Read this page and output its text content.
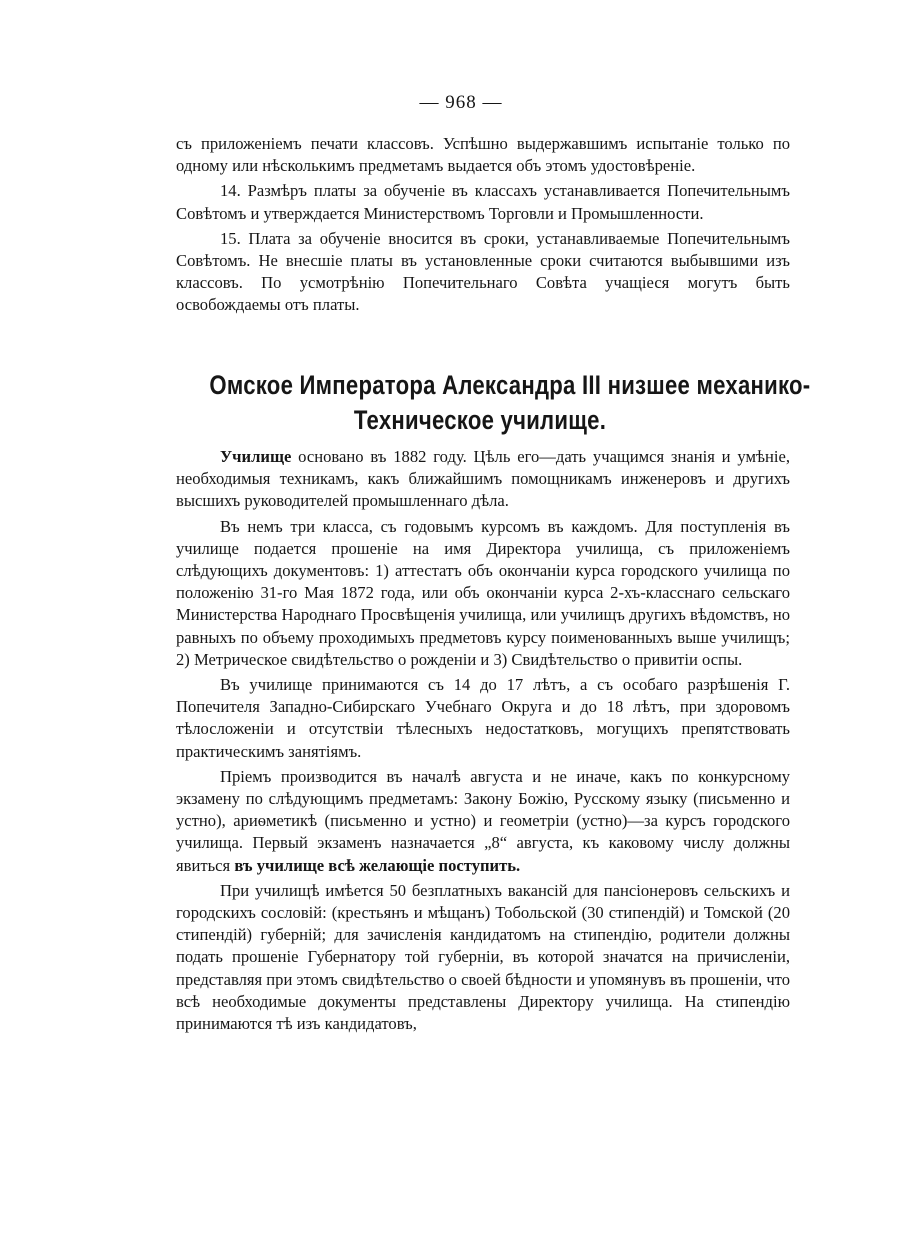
— 968 —

съ приложеніемъ печати классовъ. Успѣшно выдержавшимъ испытаніе только по одному или нѣсколькимъ предметамъ выдается объ этомъ удостовѣреніе.

14. Размѣръ платы за обученіе въ классахъ устанавливается Попечительнымъ Совѣтомъ и утверждается Министерствомъ Торговли и Промышленности.

15. Плата за обученіе вносится въ сроки, устанавливаемые Попечительнымъ Совѣтомъ. Не внесшіе платы въ установленные сроки считаются выбывшими изъ классовъ. По усмотрѣнію Попечительнаго Совѣта учащіеся могутъ быть освобождаемы отъ платы.

Омское Императора Александра III низшее механико-
Техническое училище.

Училище основано въ 1882 году. Цѣль его—дать учащимся знанія и умѣніе, необходимыя техникамъ, какъ ближайшимъ помощникамъ инженеровъ и другихъ высшихъ руководителей промышленнаго дѣла.

Въ немъ три класса, съ годовымъ курсомъ въ каждомъ. Для поступленія въ училище подается прошеніе на имя Директора училища, съ приложеніемъ слѣдующихъ документовъ: 1) аттестатъ объ окончаніи курса городского училища по положенію 31-го Мая 1872 года, или объ окончаніи курса 2-хъ-класснаго сельскаго Министерства Народнаго Просвѣщенія училища, или училищъ другихъ вѣдомствъ, но равныхъ по объему проходимыхъ предметовъ курсу поименованныхъ выше училищъ; 2) Метрическое свидѣтельство о рожденіи и 3) Свидѣтельство о привитіи оспы.

Въ училище принимаются съ 14 до 17 лѣтъ, а съ особаго разрѣшенія Г. Попечителя Западно-Сибирскаго Учебнаго Округа и до 18 лѣтъ, при здоровомъ тѣлосложеніи и отсутствіи тѣлесныхъ недостатковъ, могущихъ препятствовать практическимъ занятіямъ.

Пріемъ производится въ началѣ августа и не иначе, какъ по конкурсному экзамену по слѣдующимъ предметамъ: Закону Божію, Русскому языку (письменно и устно), ариѳметикѣ (письменно и устно) и геометріи (устно)—за курсъ городского училища. Первый экзаменъ назначается „8“ августа, къ каковому числу должны явиться въ училище всѣ желающіе поступить.

При училищѣ имѣется 50 безплатныхъ вакансій для пансіонеровъ сельскихъ и городскихъ сословій: (крестьянъ и мѣщанъ) Тобольской (30 стипендій) и Томской (20 стипендій) губерній; для зачисленія кандидатомъ на стипендію, родители должны подать прошеніе Губернатору той губерніи, въ которой значатся на причисленіи, представляя при этомъ свидѣтельство о своей бѣдности и упомянувъ въ прошеніи, что всѣ необходимые документы представлены Директору училища. На стипендію принимаются тѣ изъ кандидатовъ,
